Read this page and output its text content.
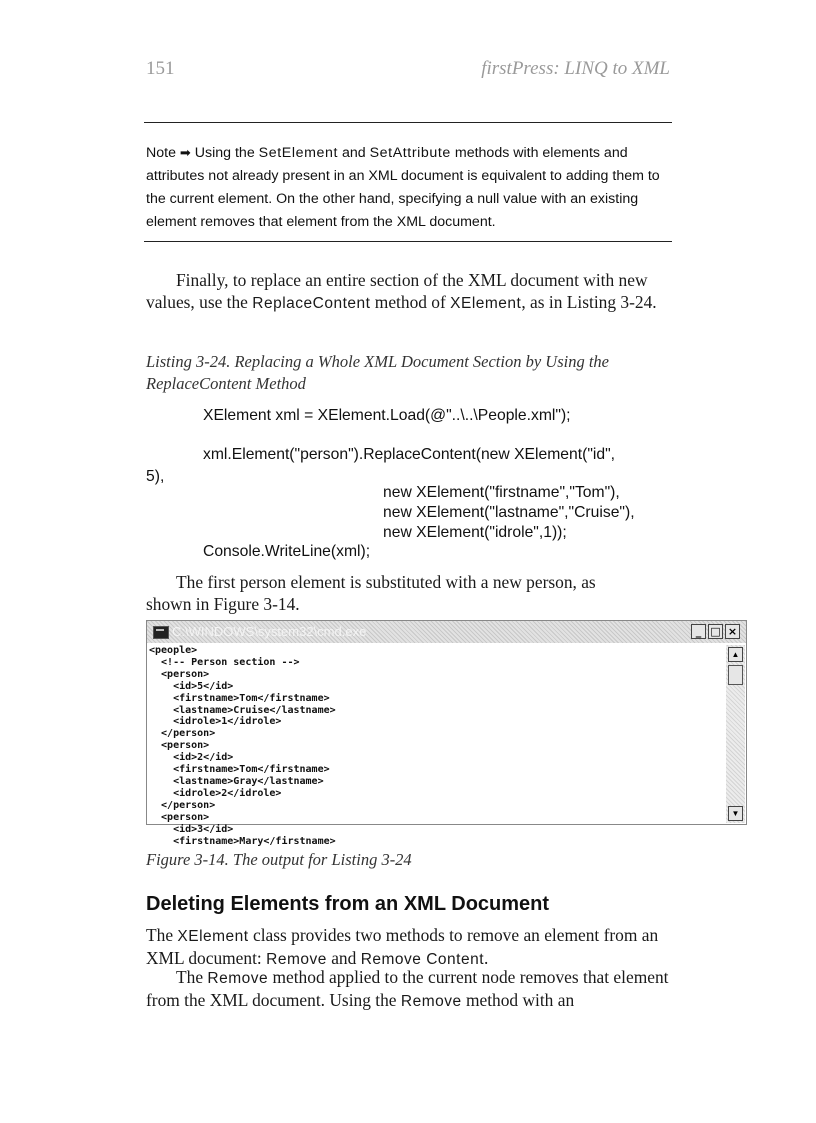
151	firstPress: LINQ to XML
Note ➡ Using the SetElement and SetAttribute methods with elements and
attributes not already present in an XML document is equivalent to adding them to
the current element. On the other hand, specifying a null value with an existing
element removes that element from the XML document.
Finally, to replace an entire section of the XML document with new values, use the ReplaceContent method of XElement, as in Listing 3-24.
Listing 3-24. Replacing a Whole XML Document Section by Using the
ReplaceContent Method
XElement xml = XElement.Load(@"..\..\People.xml");
xml.Element("person").ReplaceContent(new XElement("id",
5),
new XElement("firstname","Tom"),
new XElement("lastname","Cruise"),
new XElement("idrole",1));
Console.WriteLine(xml);
The first person element is substituted with a new person, as
shown in Figure 3-14.
C:\WINDOWS\system32\cmd.exe	_ □ ×
<people>
<!-- Person section -->
<person>
<id>5</id>
<firstname>Tom</firstname>
<lastname>Cruise</lastname>
<idrole>1</idrole>
</person>
<person>
<id>2</id>
<firstname>Tom</firstname>
<lastname>Gray</lastname>
<idrole>2</idrole>
</person>
<person>
<id>3</id>
<firstname>Mary</firstname>
▲
▼
Figure 3-14. The output for Listing 3-24
Deleting Elements from an XML Document
The XElement class provides two methods to remove an element from an XML document: Remove and Remove Content.
The Remove method applied to the current node removes that element from the XML document. Using the Remove method with an
